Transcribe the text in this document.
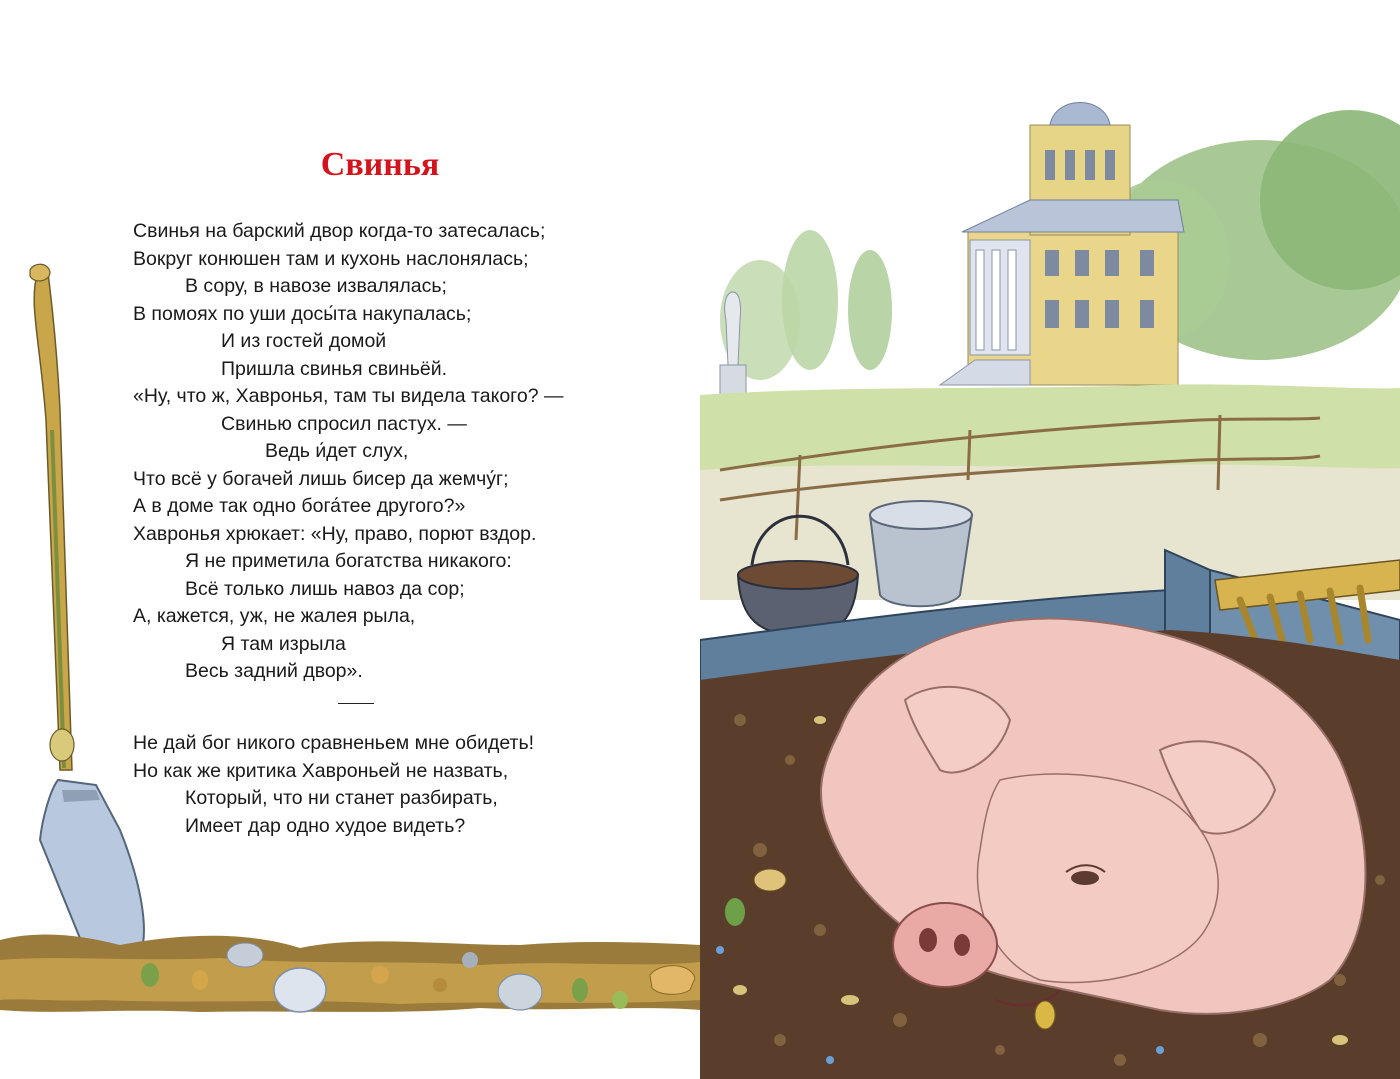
Свинья
Свинья на барский двор когда-то затесалась;
Вокруг конюшен там и кухонь наслонялась;
В сору, в навозе извалялась;
В помоях по уши досы́та накупалась;
И из гостей домой
Пришла свинья свиньёй.
«Ну, что ж, Хавронья, там ты видела такого? —
Свинью спросил пастух. —
Ведь и́дет слух,
Что всё у богачей лишь бисер да жемчу́г;
А в доме так одно бога́тее другого?»
Хавронья хрюкает: «Ну, право, порют вздор.
Я не приметила богатства никакого:
Всё только лишь навоз да сор;
А, кажется, уж, не жалея рыла,
Я там изрыла
Весь задний двор».
Не дай бог никого сравненьем мне обидеть!
Но как же критика Хавроньей не назвать,
Который, что ни станет разбирать,
Имеет дар одно худое видеть?
